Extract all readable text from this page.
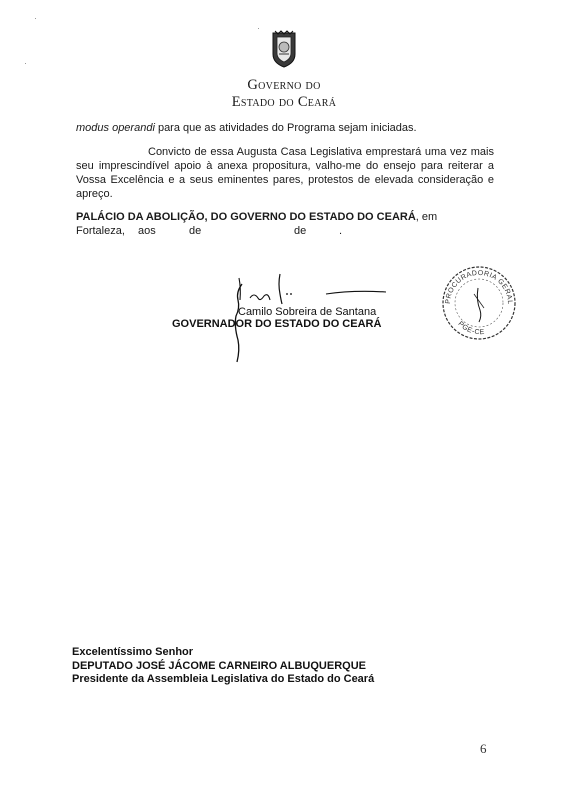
Governo do
Estado do Ceará
modus operandi para que as atividades do Programa sejam iniciadas.
Convicto de essa Augusta Casa Legislativa emprestará uma vez mais seu imprescindível apoio à anexa propositura, valho-me do ensejo para reiterar a Vossa Excelência e a seus eminentes pares, protestos de elevada consideração e apreço.
PALÁCIO DA ABOLIÇÃO, DO GOVERNO DO ESTADO DO CEARÁ, em
Fortaleza, aos	de	de	.
Camilo Sobreira de Santana
GOVERNADOR DO ESTADO DO CEARÁ
PROCURADORIA GERAL
PGE-CE
Excelentíssimo Senhor
DEPUTADO JOSÉ JÁCOME CARNEIRO ALBUQUERQUE
Presidente da Assembleia Legislativa do Estado do Ceará
6
